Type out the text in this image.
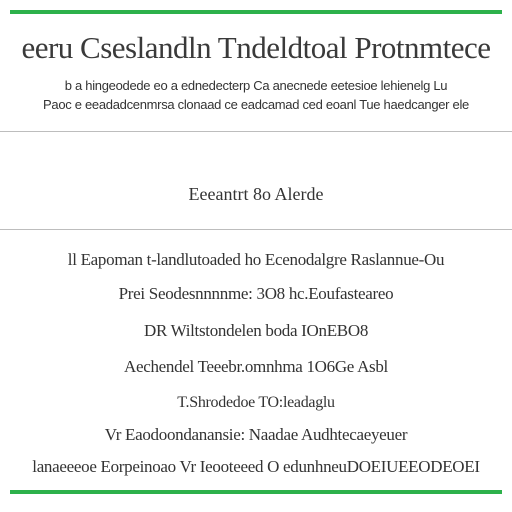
eeru Cseslandln Tndeldtoal Protnmtece
b a hingeodede eo a ednedecterp Ca anecnede eetesioe lehienelg Lu
Paoc e eeadadcenmrsa clonaad ce eadcamad ced eoanl Tue haedcanger ele
Eeeantrt 8o Alerde
ll Eapoman t-landlutoaded ho Ecenodalgre Raslannue-Ou
Prei Seodesnnnnme: 3O8 hc.Eoufasteareo
DR Wiltstondelen boda IOnEBO8
Aechendel Teeebr.omnhma 1O6Ge Asbl
T.Shrodedoe TO:leadaglu
Vr Eaodoondanansie: Naadae Audhtecaeyeuer
lanaeeeoe Eorpeinoao Vr Ieooteeed O edunhneuDOEIUEEODEOEI
